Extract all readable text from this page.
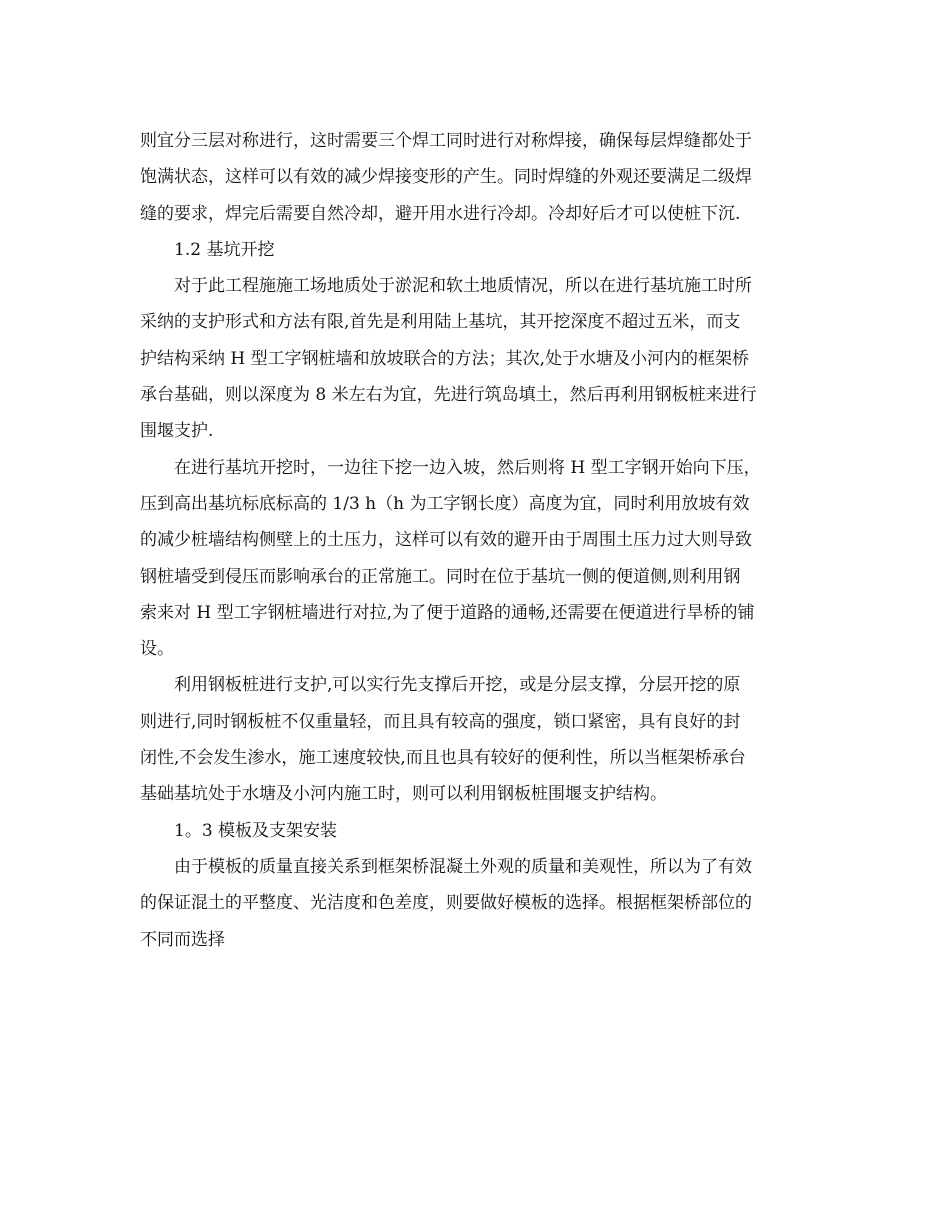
则宜分三层对称进行，这时需要三个焊工同时进行对称焊接，确保每层焊缝都处于
饱满状态，这样可以有效的减少焊接变形的产生。同时焊缝的外观还要满足二级焊
缝的要求，焊完后需要自然冷却，避开用水进行冷却。冷却好后才可以使桩下沉.
1.2 基坑开挖
对于此工程施施工场地质处于淤泥和软土地质情况，所以在进行基坑施工时所
采纳的支护形式和方法有限,首先是利用陆上基坑，其开挖深度不超过五米，而支
护结构采纳 H 型工字钢桩墙和放坡联合的方法；其次,处于水塘及小河内的框架桥
承台基础，则以深度为 8 米左右为宜，先进行筑岛填土，然后再利用钢板桩来进行
围堰支护.
在进行基坑开挖时，一边往下挖一边入坡，然后则将 H 型工字钢开始向下压，
压到高出基坑标底标高的 1/3 h（h 为工字钢长度）高度为宜，同时利用放坡有效
的减少桩墙结构侧壁上的土压力，这样可以有效的避开由于周围土压力过大则导致
钢桩墙受到侵压而影响承台的正常施工。同时在位于基坑一侧的便道侧,则利用钢
索来对 H 型工字钢桩墙进行对拉,为了便于道路的通畅,还需要在便道进行旱桥的铺
设。
利用钢板桩进行支护,可以实行先支撑后开挖，或是分层支撑，分层开挖的原
则进行,同时钢板桩不仅重量轻，而且具有较高的强度，锁口紧密，具有良好的封
闭性,不会发生渗水，施工速度较快,而且也具有较好的便利性，所以当框架桥承台
基础基坑处于水塘及小河内施工时，则可以利用钢板桩围堰支护结构。
1。3 模板及支架安装
由于模板的质量直接关系到框架桥混凝土外观的质量和美观性，所以为了有效
的保证混土的平整度、光洁度和色差度，则要做好模板的选择。根据框架桥部位的
不同而选择
